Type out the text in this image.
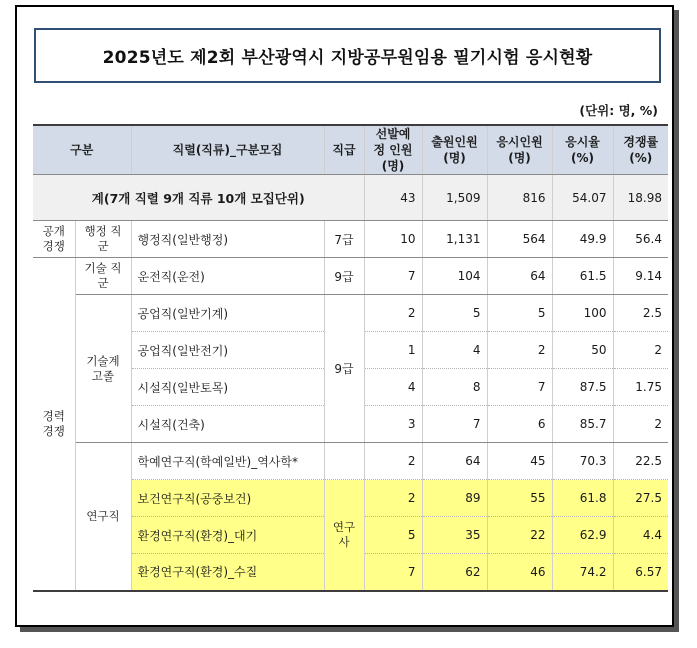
2025년도 제2회 부산광역시 지방공무원임용 필기시험 응시현황
(단위: 명, %)
구분		직렬(직류)_구분모집	직급	선발예정 인원(명)	출원인원 (명)	응시인원 (명)	응시율 (%)	경쟁률 (%)
계(7개 직렬 9개 직류 10개 모집단위)				43	1,509	816	54.07	18.98
공개 경쟁	행정 직군	행정직(일반행정)	7급	10	1,131	564	49.9	56.4
경력 경쟁	기술 직군	운전직(운전)	9급	7	104	64	61.5	9.14
	기술계 고졸	공업직(일반기계)	9급	2	5	5	100	2.5
		공업직(일반전기)		1	4	2	50	2
		시설직(일반토목)		4	8	7	87.5	1.75
		시설직(건축)		3	7	6	85.7	2
	연구직	학예연구직(학예일반)_역사학*		2	64	45	70.3	22.5
		보건연구직(공중보건)	연구 사	2	89	55	61.8	27.5
		환경연구직(환경)_대기		5	35	22	62.9	4.4
		환경연구직(환경)_수질		7	62	46	74.2	6.57
